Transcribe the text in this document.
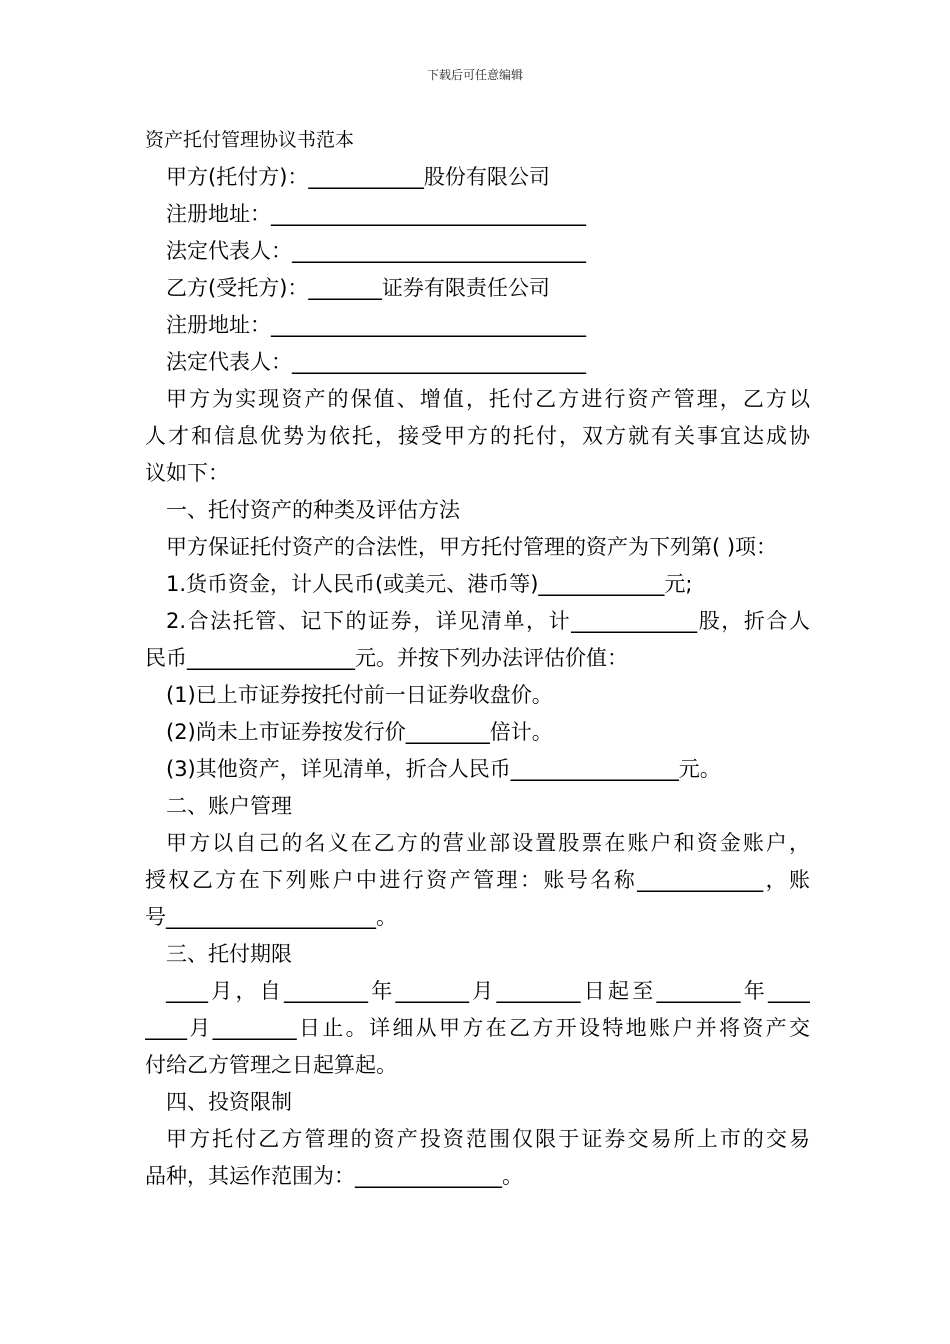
下载后可任意编辑
资产托付管理协议书范本
甲方(托付方)：___________股份有限公司
注册地址：______________________________
法定代表人：____________________________
乙方(受托方)：_______证券有限责任公司
注册地址：______________________________
法定代表人：____________________________
甲方为实现资产的保值、增值，托付乙方进行资产管理，乙方以
人才和信息优势为依托，接受甲方的托付，双方就有关事宜达成协
议如下：
一、托付资产的种类及评估方法
甲方保证托付资产的合法性，甲方托付管理的资产为下列第( )项：
1.货币资金，计人民币(或美元、港币等)____________元;
2.合法托管、记下的证券，详见清单，计____________股，折合人
民币________________元。并按下列办法评估价值：
(1)已上市证券按托付前一日证券收盘价。
(2)尚未上市证券按发行价________倍计。
(3)其他资产，详见清单，折合人民币________________元。
二、账户管理
甲方以自己的名义在乙方的营业部设置股票在账户和资金账户，
授权乙方在下列账户中进行资产管理：账号名称____________，账
号____________________。
三、托付期限
____月，自________年_______月________日起至________年____
____月________日止。详细从甲方在乙方开设特地账户并将资产交
付给乙方管理之日起算起。
四、投资限制
甲方托付乙方管理的资产投资范围仅限于证券交易所上市的交易
品种，其运作范围为：______________。
